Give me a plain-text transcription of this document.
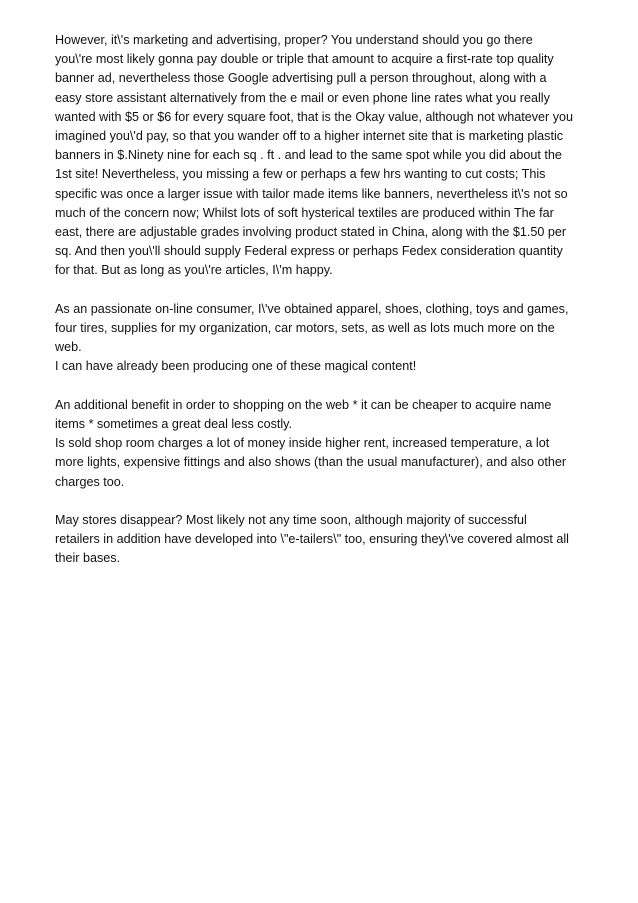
However, it\'s marketing and advertising, proper? You understand should you go there
you\'re most likely gonna pay double or triple that amount to acquire a first-rate top quality
banner ad, nevertheless those Google advertising pull a person throughout, along with a
easy store assistant alternatively from the e mail or even phone line rates what you really
wanted with $5 or $6 for every square foot, that is the Okay value, although not whatever you
imagined you\'d pay, so that you wander off to a higher internet site that is marketing plastic
banners in $.Ninety nine for each sq . ft . and lead to the same spot while you did about the
1st site! Nevertheless, you missing a few or perhaps a few hrs wanting to cut costs; This
specific was once a larger issue with tailor made items like banners, nevertheless it\'s not so
much of the concern now; Whilst lots of soft hysterical textiles are produced within The far
east, there are adjustable grades involving product stated in China, along with the $1.50 per
sq. And then you\'ll should supply Federal express or perhaps Fedex consideration quantity
for that. But as long as you\'re articles, I\'m happy.
As an passionate on-line consumer, I\'ve obtained apparel, shoes, clothing, toys and games,
four tires, supplies for my organization, car motors, sets, as well as lots much more on the
web.
I can have already been producing one of these magical content!
An additional benefit in order to shopping on the web * it can be cheaper to acquire name
items * sometimes a great deal less costly.
Is sold shop room charges a lot of money inside higher rent, increased temperature, a lot
more lights, expensive fittings and also shows (than the usual manufacturer), and also other
charges too.
May stores disappear? Most likely not any time soon, although majority of successful
retailers in addition have developed into \"e-tailers\" too, ensuring they\'ve covered almost all
their bases.
